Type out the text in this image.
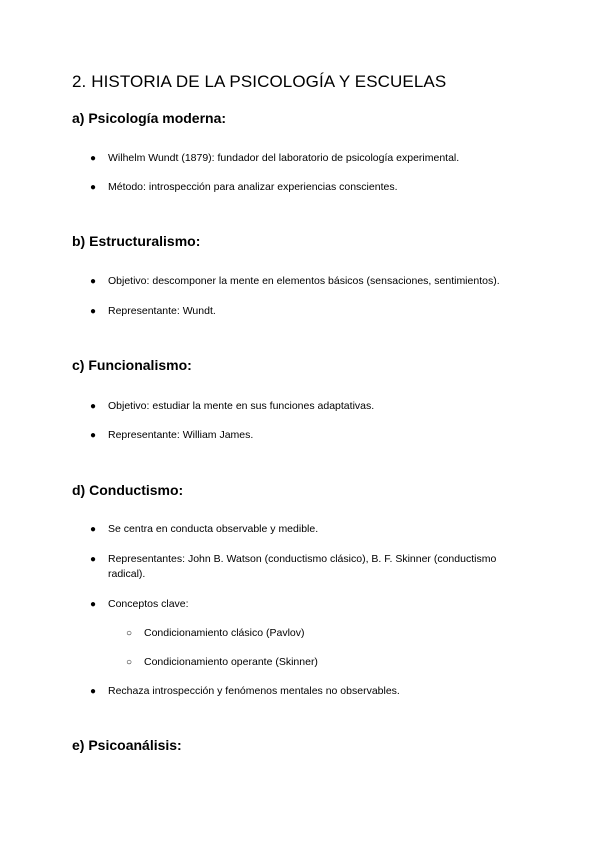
2. HISTORIA DE LA PSICOLOGÍA Y ESCUELAS
a) Psicología moderna:
●	Wilhelm Wundt (1879): fundador del laboratorio de psicología experimental.
●	Método: introspección para analizar experiencias conscientes.
b) Estructuralismo:
●	Objetivo: descomponer la mente en elementos básicos (sensaciones, sentimientos).
●	Representante: Wundt.
c) Funcionalismo:
●	Objetivo: estudiar la mente en sus funciones adaptativas.
●	Representante: William James.
d) Conductismo:
●	Se centra en conducta observable y medible.
●	Representantes: John B. Watson (conductismo clásico), B. F. Skinner (conductismo radical).
●	Conceptos clave:
○	Condicionamiento clásico (Pavlov)
○	Condicionamiento operante (Skinner)
●	Rechaza introspección y fenómenos mentales no observables.
e) Psicoanálisis:
